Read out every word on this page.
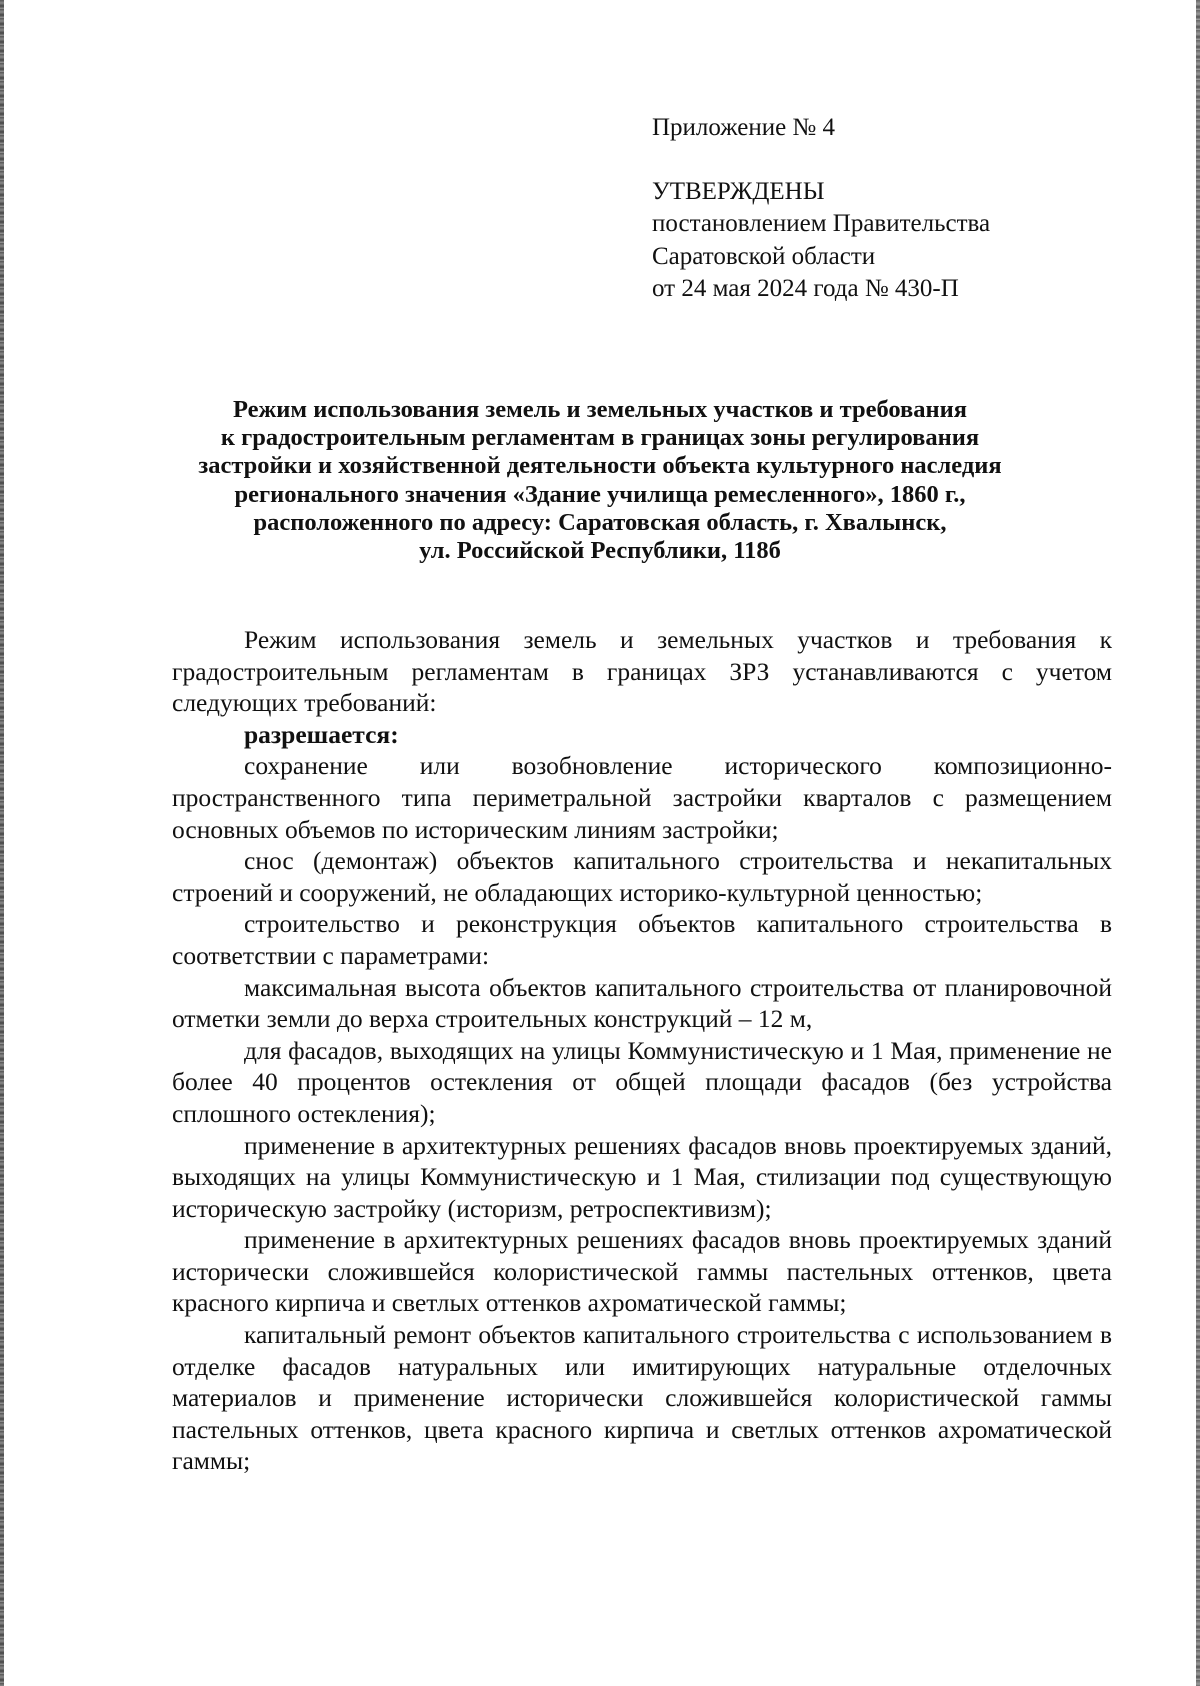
Приложение № 4
УТВЕРЖДЕНЫ
постановлением Правительства
Саратовской области
от 24 мая 2024 года № 430-П
Режим использования земель и земельных участков и требования
к градостроительным регламентам в границах зоны регулирования
застройки и хозяйственной деятельности объекта культурного наследия
регионального значения «Здание училища ремесленного», 1860 г.,
расположенного по адресу: Саратовская область, г. Хвалынск,
ул. Российской Республики, 118б

Режим использования земель и земельных участков и требования к градостроительным регламентам в границах ЗРЗ устанавливаются с учетом следующих требований:

разрешается:

сохранение или возобновление исторического композиционно-пространственного типа периметральной застройки кварталов с размещением основных объемов по историческим линиям застройки;

снос (демонтаж) объектов капитального строительства и некапитальных строений и сооружений, не обладающих историко-культурной ценностью;

строительство и реконструкция объектов капитального строительства в соответствии с параметрами:

максимальная высота объектов капитального строительства от планировочной отметки земли до верха строительных конструкций – 12 м,

для фасадов, выходящих на улицы Коммунистическую и 1 Мая, применение не более 40 процентов остекления от общей площади фасадов (без устройства сплошного остекления);

применение в архитектурных решениях фасадов вновь проектируемых зданий, выходящих на улицы Коммунистическую и 1 Мая, стилизации под существующую историческую застройку (историзм, ретроспективизм);

применение в архитектурных решениях фасадов вновь проектируемых зданий исторически сложившейся колористической гаммы пастельных оттенков, цвета красного кирпича и светлых оттенков ахроматической гаммы;

капитальный ремонт объектов капитального строительства с использованием в отделке фасадов натуральных или имитирующих натуральные отделочных материалов и применение исторически сложившейся колористической гаммы пастельных оттенков, цвета красного кирпича и светлых оттенков ахроматической гаммы;
